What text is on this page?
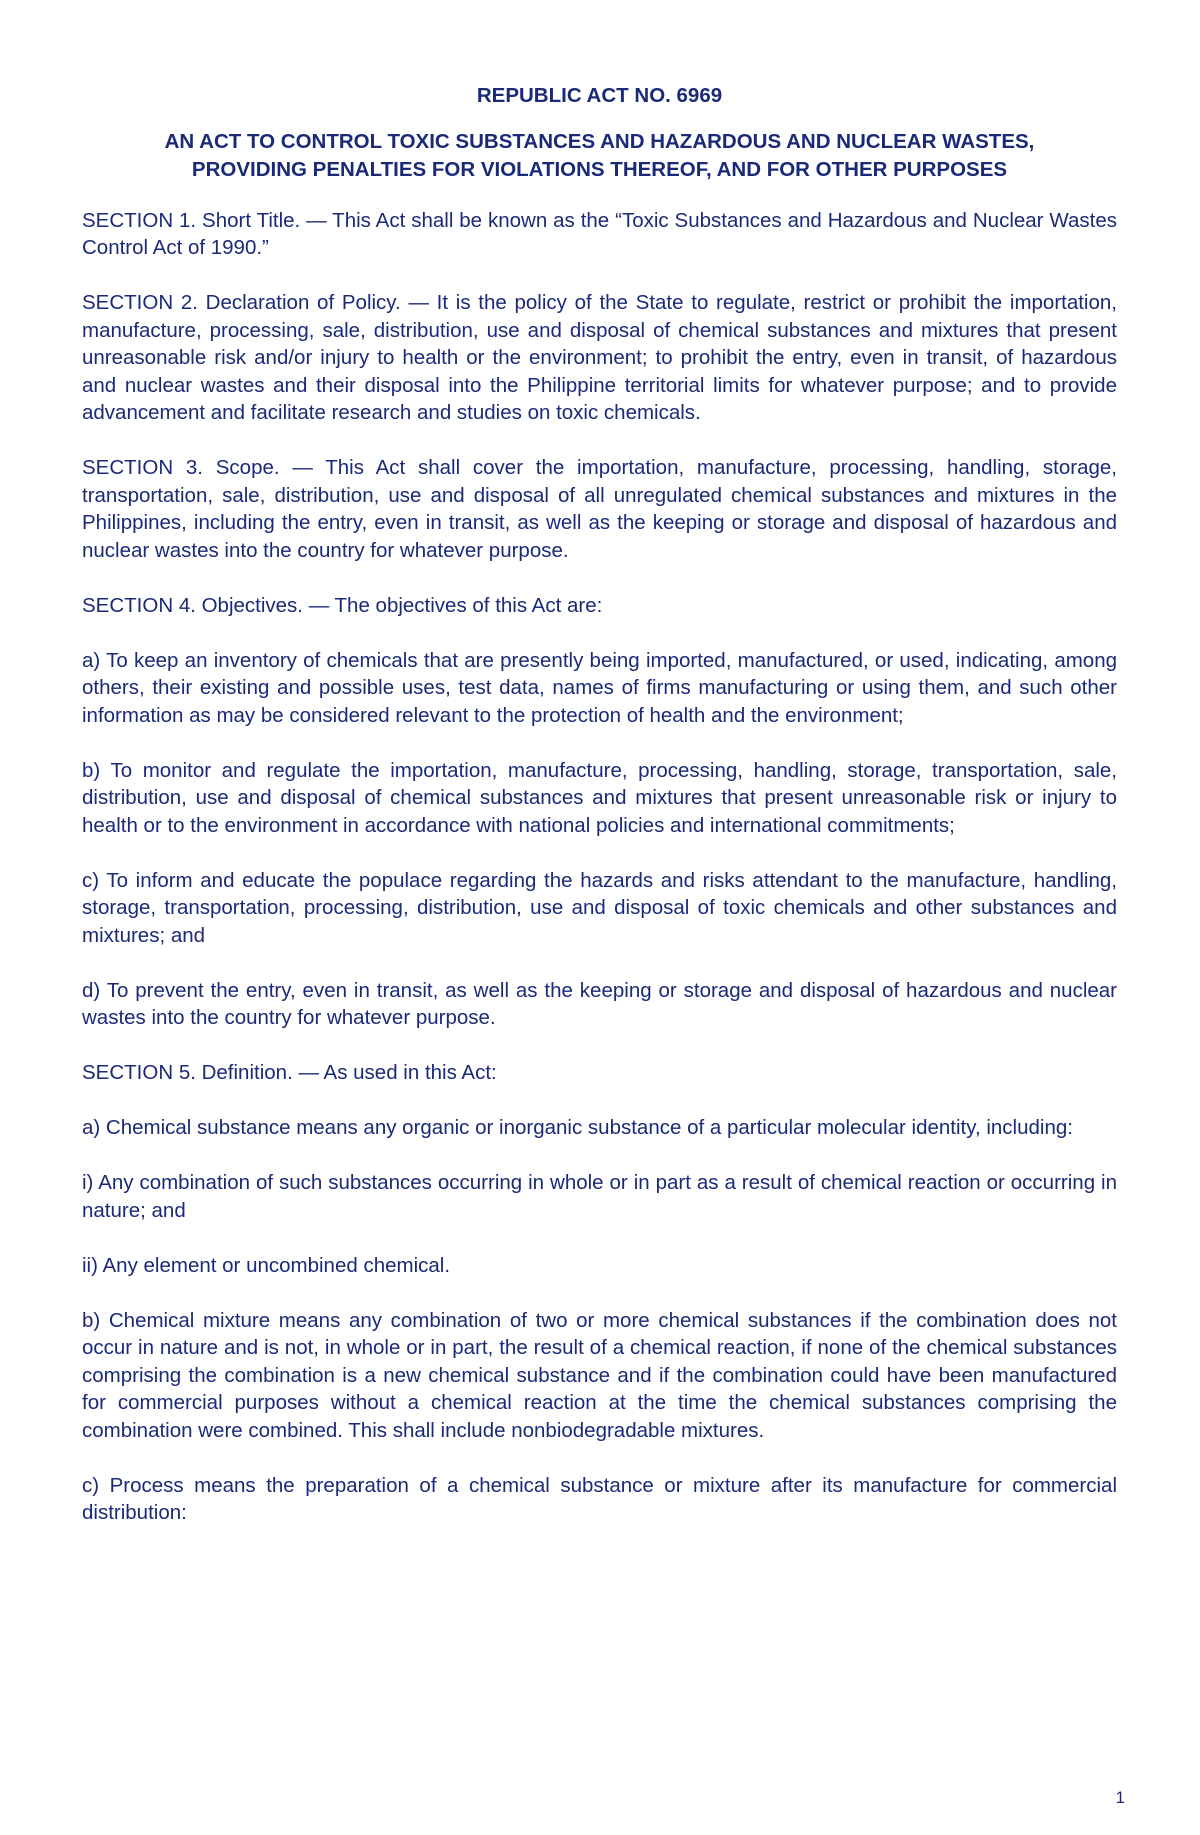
REPUBLIC ACT NO. 6969
AN ACT TO CONTROL TOXIC SUBSTANCES AND HAZARDOUS AND NUCLEAR WASTES,
PROVIDING PENALTIES FOR VIOLATIONS THEREOF, AND FOR OTHER PURPOSES

SECTION 1. Short Title. — This Act shall be known as the “Toxic Substances and Hazardous and Nuclear Wastes Control Act of 1990.”

SECTION 2. Declaration of Policy. — It is the policy of the State to regulate, restrict or prohibit the importation, manufacture, processing, sale, distribution, use and disposal of chemical substances and mixtures that present unreasonable risk and/or injury to health or the environment; to prohibit the entry, even in transit, of hazardous and nuclear wastes and their disposal into the Philippine territorial limits for whatever purpose; and to provide advancement and facilitate research and studies on toxic chemicals.

SECTION 3. Scope. — This Act shall cover the importation, manufacture, processing, handling, storage, transportation, sale, distribution, use and disposal of all unregulated chemical substances and mixtures in the Philippines, including the entry, even in transit, as well as the keeping or storage and disposal of hazardous and nuclear wastes into the country for whatever purpose.

SECTION 4. Objectives. — The objectives of this Act are:

a) To keep an inventory of chemicals that are presently being imported, manufactured, or used, indicating, among others, their existing and possible uses, test data, names of firms manufacturing or using them, and such other information as may be considered relevant to the protection of health and the environment;

b) To monitor and regulate the importation, manufacture, processing, handling, storage, transportation, sale, distribution, use and disposal of chemical substances and mixtures that present unreasonable risk or injury to health or to the environment in accordance with national policies and international commitments;

c) To inform and educate the populace regarding the hazards and risks attendant to the manufacture, handling, storage, transportation, processing, distribution, use and disposal of toxic chemicals and other substances and mixtures; and

d) To prevent the entry, even in transit, as well as the keeping or storage and disposal of hazardous and nuclear wastes into the country for whatever purpose.

SECTION 5. Definition. — As used in this Act:

a) Chemical substance means any organic or inorganic substance of a particular molecular identity, including:

i) Any combination of such substances occurring in whole or in part as a result of chemical reaction or occurring in nature; and

ii) Any element or uncombined chemical.

b) Chemical mixture means any combination of two or more chemical substances if the combination does not occur in nature and is not, in whole or in part, the result of a chemical reaction, if none of the chemical substances comprising the combination is a new chemical substance and if the combination could have been manufactured for commercial purposes without a chemical reaction at the time the chemical substances comprising the combination were combined. This shall include nonbiodegradable mixtures.

c) Process means the preparation of a chemical substance or mixture after its manufacture for commercial distribution:

1
